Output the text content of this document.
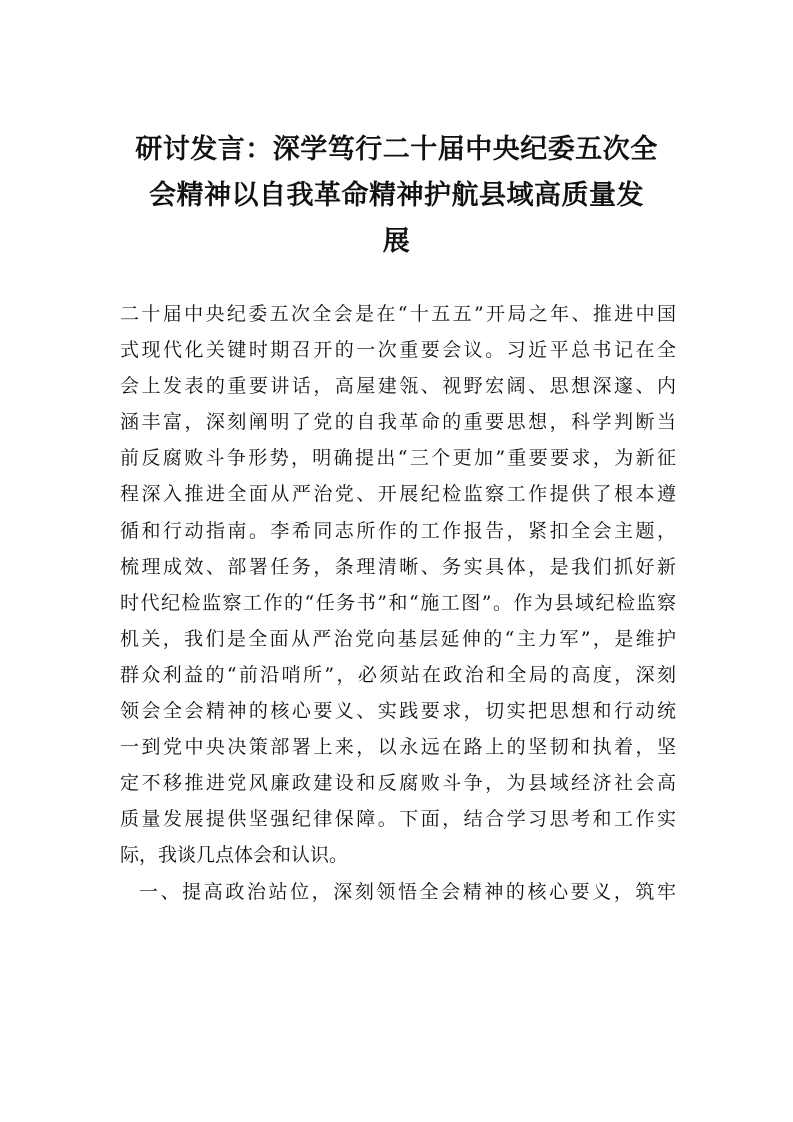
研讨发言：深学笃行二十届中央纪委五次全
会精神以自我革命精神护航县域高质量发
展
二十届中央纪委五次全会是在“十五五”开局之年、推进中国
式现代化关键时期召开的一次重要会议。习近平总书记在全
会上发表的重要讲话，高屋建瓴、视野宏阔、思想深邃、内
涵丰富，深刻阐明了党的自我革命的重要思想，科学判断当
前反腐败斗争形势，明确提出“三个更加”重要要求，为新征
程深入推进全面从严治党、开展纪检监察工作提供了根本遵
循和行动指南。李希同志所作的工作报告，紧扣全会主题，
梳理成效、部署任务，条理清晰、务实具体，是我们抓好新
时代纪检监察工作的“任务书”和“施工图”。作为县域纪检监察
机关，我们是全面从严治党向基层延伸的“主力军”，是维护
群众利益的“前沿哨所”，必须站在政治和全局的高度，深刻
领会全会精神的核心要义、实践要求，切实把思想和行动统
一到党中央决策部署上来，以永远在路上的坚韧和执着，坚
定不移推进党风廉政建设和反腐败斗争，为县域经济社会高
质量发展提供坚强纪律保障。下面，结合学习思考和工作实
际，我谈几点体会和认识。
一、提高政治站位，深刻领悟全会精神的核心要义，筑牢
